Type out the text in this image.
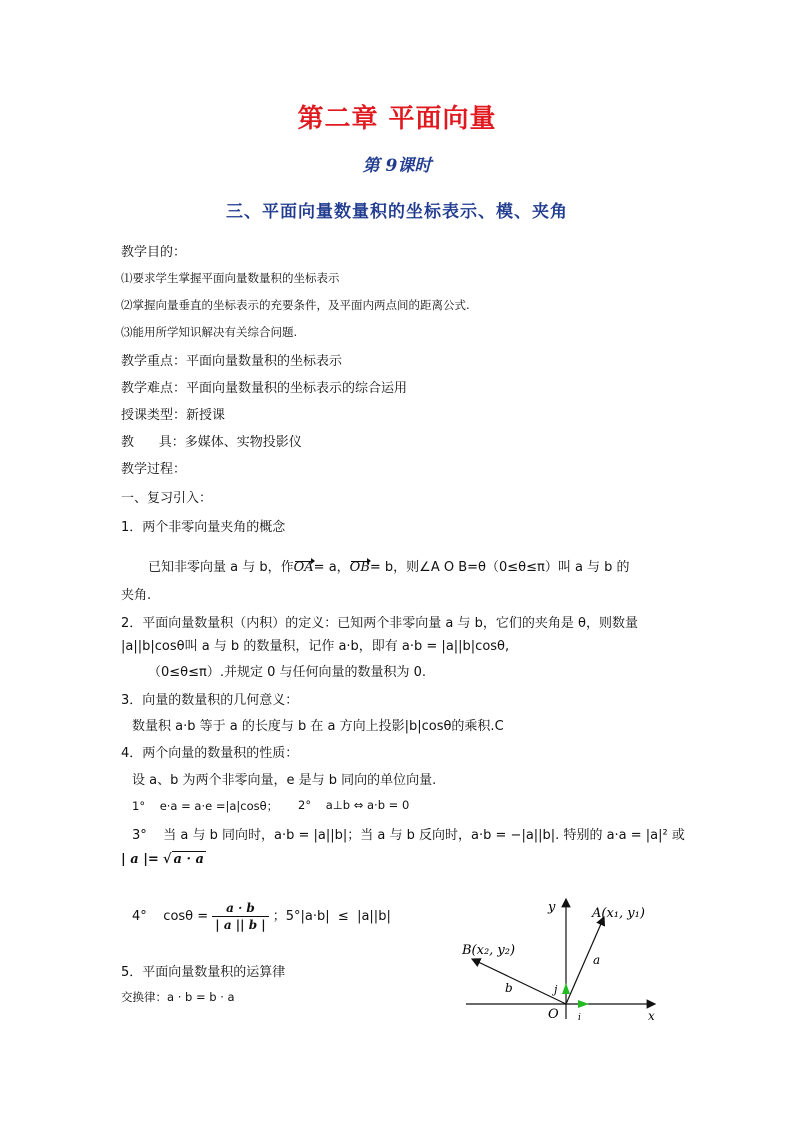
第二章 平面向量
第 9课时
三、平面向量数量积的坐标表示、模、夹角
教学目的：
⑴要求学生掌握平面向量数量积的坐标表示
⑵掌握向量垂直的坐标表示的充要条件，及平面内两点间的距离公式.
⑶能用所学知识解决有关综合问题.
教学重点：平面向量数量积的坐标表示
教学难点：平面向量数量积的坐标表示的综合运用
授课类型：新授课
教      具：多媒体、实物投影仪
教学过程：
一、复习引入：
1．两个非零向量夹角的概念
已知非零向量 a 与 b，作OA= a，OB= b，则∠A O B=θ（0≤θ≤π）叫 a 与 b 的
夹角.
2．平面向量数量积（内积）的定义：已知两个非零向量 a 与 b，它们的夹角是 θ，则数量
|a||b|cosθ叫 a 与 b 的数量积，记作 a·b，即有 a·b = |a||b|cosθ,
（0≤θ≤π）.并规定 0 与任何向量的数量积为 0.
3．向量的数量积的几何意义：
数量积 a·b 等于 a 的长度与 b 在 a 方向上投影|b|cosθ的乘积.C
4．两个向量的数量积的性质：
设 a、b 为两个非零向量，e 是与 b 同向的单位向量.
1°    e·a = a·e =|a|cosθ； 2°    a⊥b ⇔ a·b = 0
3°    当 a 与 b 同向时，a·b = |a||b|；当 a 与 b 反向时，a·b = −|a||b|. 特别的 a·a = |a|² 或
| a |= √ a · a
4°    $\cos\theta = \frac{a \cdot b}{| a || b |}$ ；5°|a·b|  ≤  |a||b|
5．平面向量数量积的运算律
交换律：a · b = b · a
y
x
O
A(x₁, y₁)
B(x₂, y₂)
a
b	j
i
